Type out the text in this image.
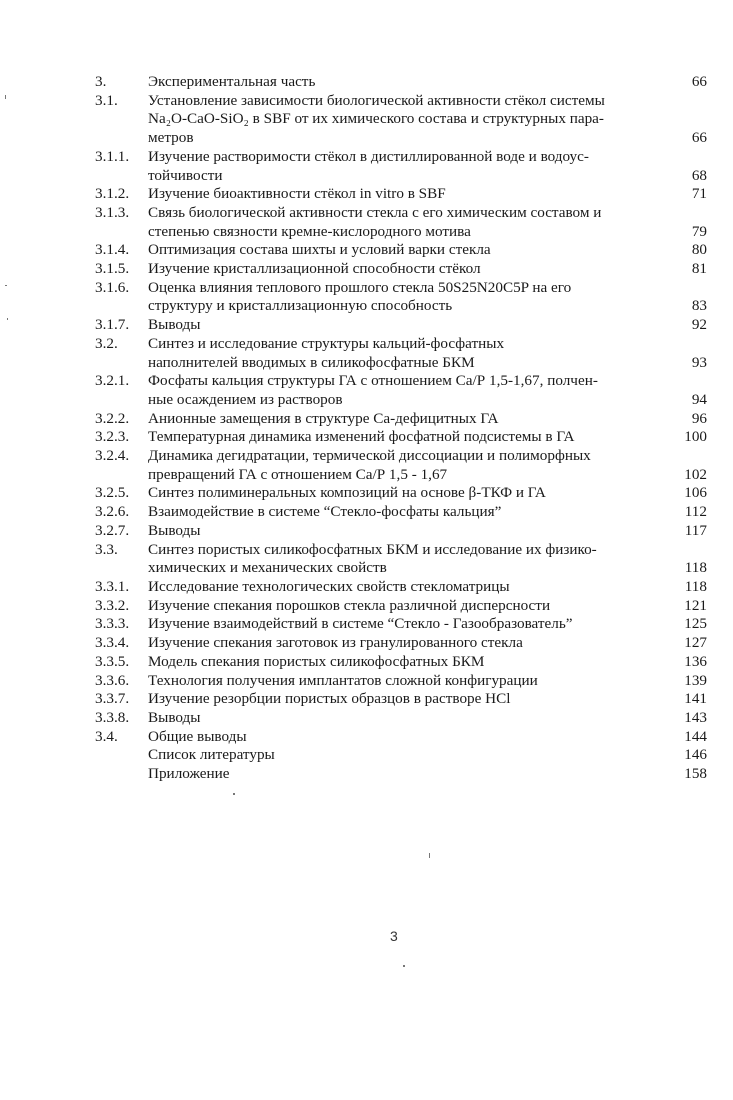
3.	Экспериментальная часть	66
3.1.	Установление зависимости биологической активности стёкол системы
Na₂O-CaO-SiO₂ в SBF от их химического состава и структурных пара-
метров	66
3.1.1.	Изучение растворимости стёкол в дистиллированной воде и водоус-
тойчивости	68
3.1.2.	Изучение биоактивности стёкол in vitro в SBF	71
3.1.3.	Связь биологической активности стекла с его химическим составом и
степенью связности кремне-кислородного мотива	79
3.1.4.	Оптимизация состава шихты и условий варки стекла	80
3.1.5.	Изучение кристаллизационной способности стёкол	81
3.1.6.	Оценка влияния теплового прошлого стекла 50S25N20C5P на его
структуру и кристаллизационную способность	83
3.1.7.	Выводы	92
3.2.	Синтез и исследование структуры кальций-фосфатных
наполнителей вводимых в силикофосфатные БКМ	93
3.2.1.	Фосфаты кальция структуры ГА с отношением Са/Р 1,5-1,67, полчен-
ные осаждением из растворов	94
3.2.2.	Анионные замещения в структуре Са-дефицитных ГА	96
3.2.3.	Температурная динамика изменений фосфатной подсистемы в ГА	100
3.2.4.	Динамика дегидратации, термической диссоциации и полиморфных
превращений ГА с отношением Са/Р 1,5 - 1,67	102
3.2.5.	Синтез полиминеральных композиций на основе β-ТКФ и ГА	106
3.2.6.	Взаимодействие в системе “Стекло-фосфаты кальция”	112
3.2.7.	Выводы	117
3.3.	Синтез пористых силикофосфатных БКМ и исследование их физико-
химических и механических свойств	118
3.3.1.	Исследование технологических свойств стекломатрицы	118
3.3.2.	Изучение спекания порошков стекла различной дисперсности	121
3.3.3.	Изучение взаимодействий в системе “Стекло - Газообразователь”	125
3.3.4.	Изучение спекания заготовок из гранулированного стекла	127
3.3.5.	Модель спекания пористых силикофосфатных БКМ	136
3.3.6.	Технология получения имплантатов сложной конфигурации	139
3.3.7.	Изучение резорбции пористых образцов в растворе HCl	141
3.3.8.	Выводы	143
3.4.	Общие выводы	144
Список литературы	146
Приложение	158
3
